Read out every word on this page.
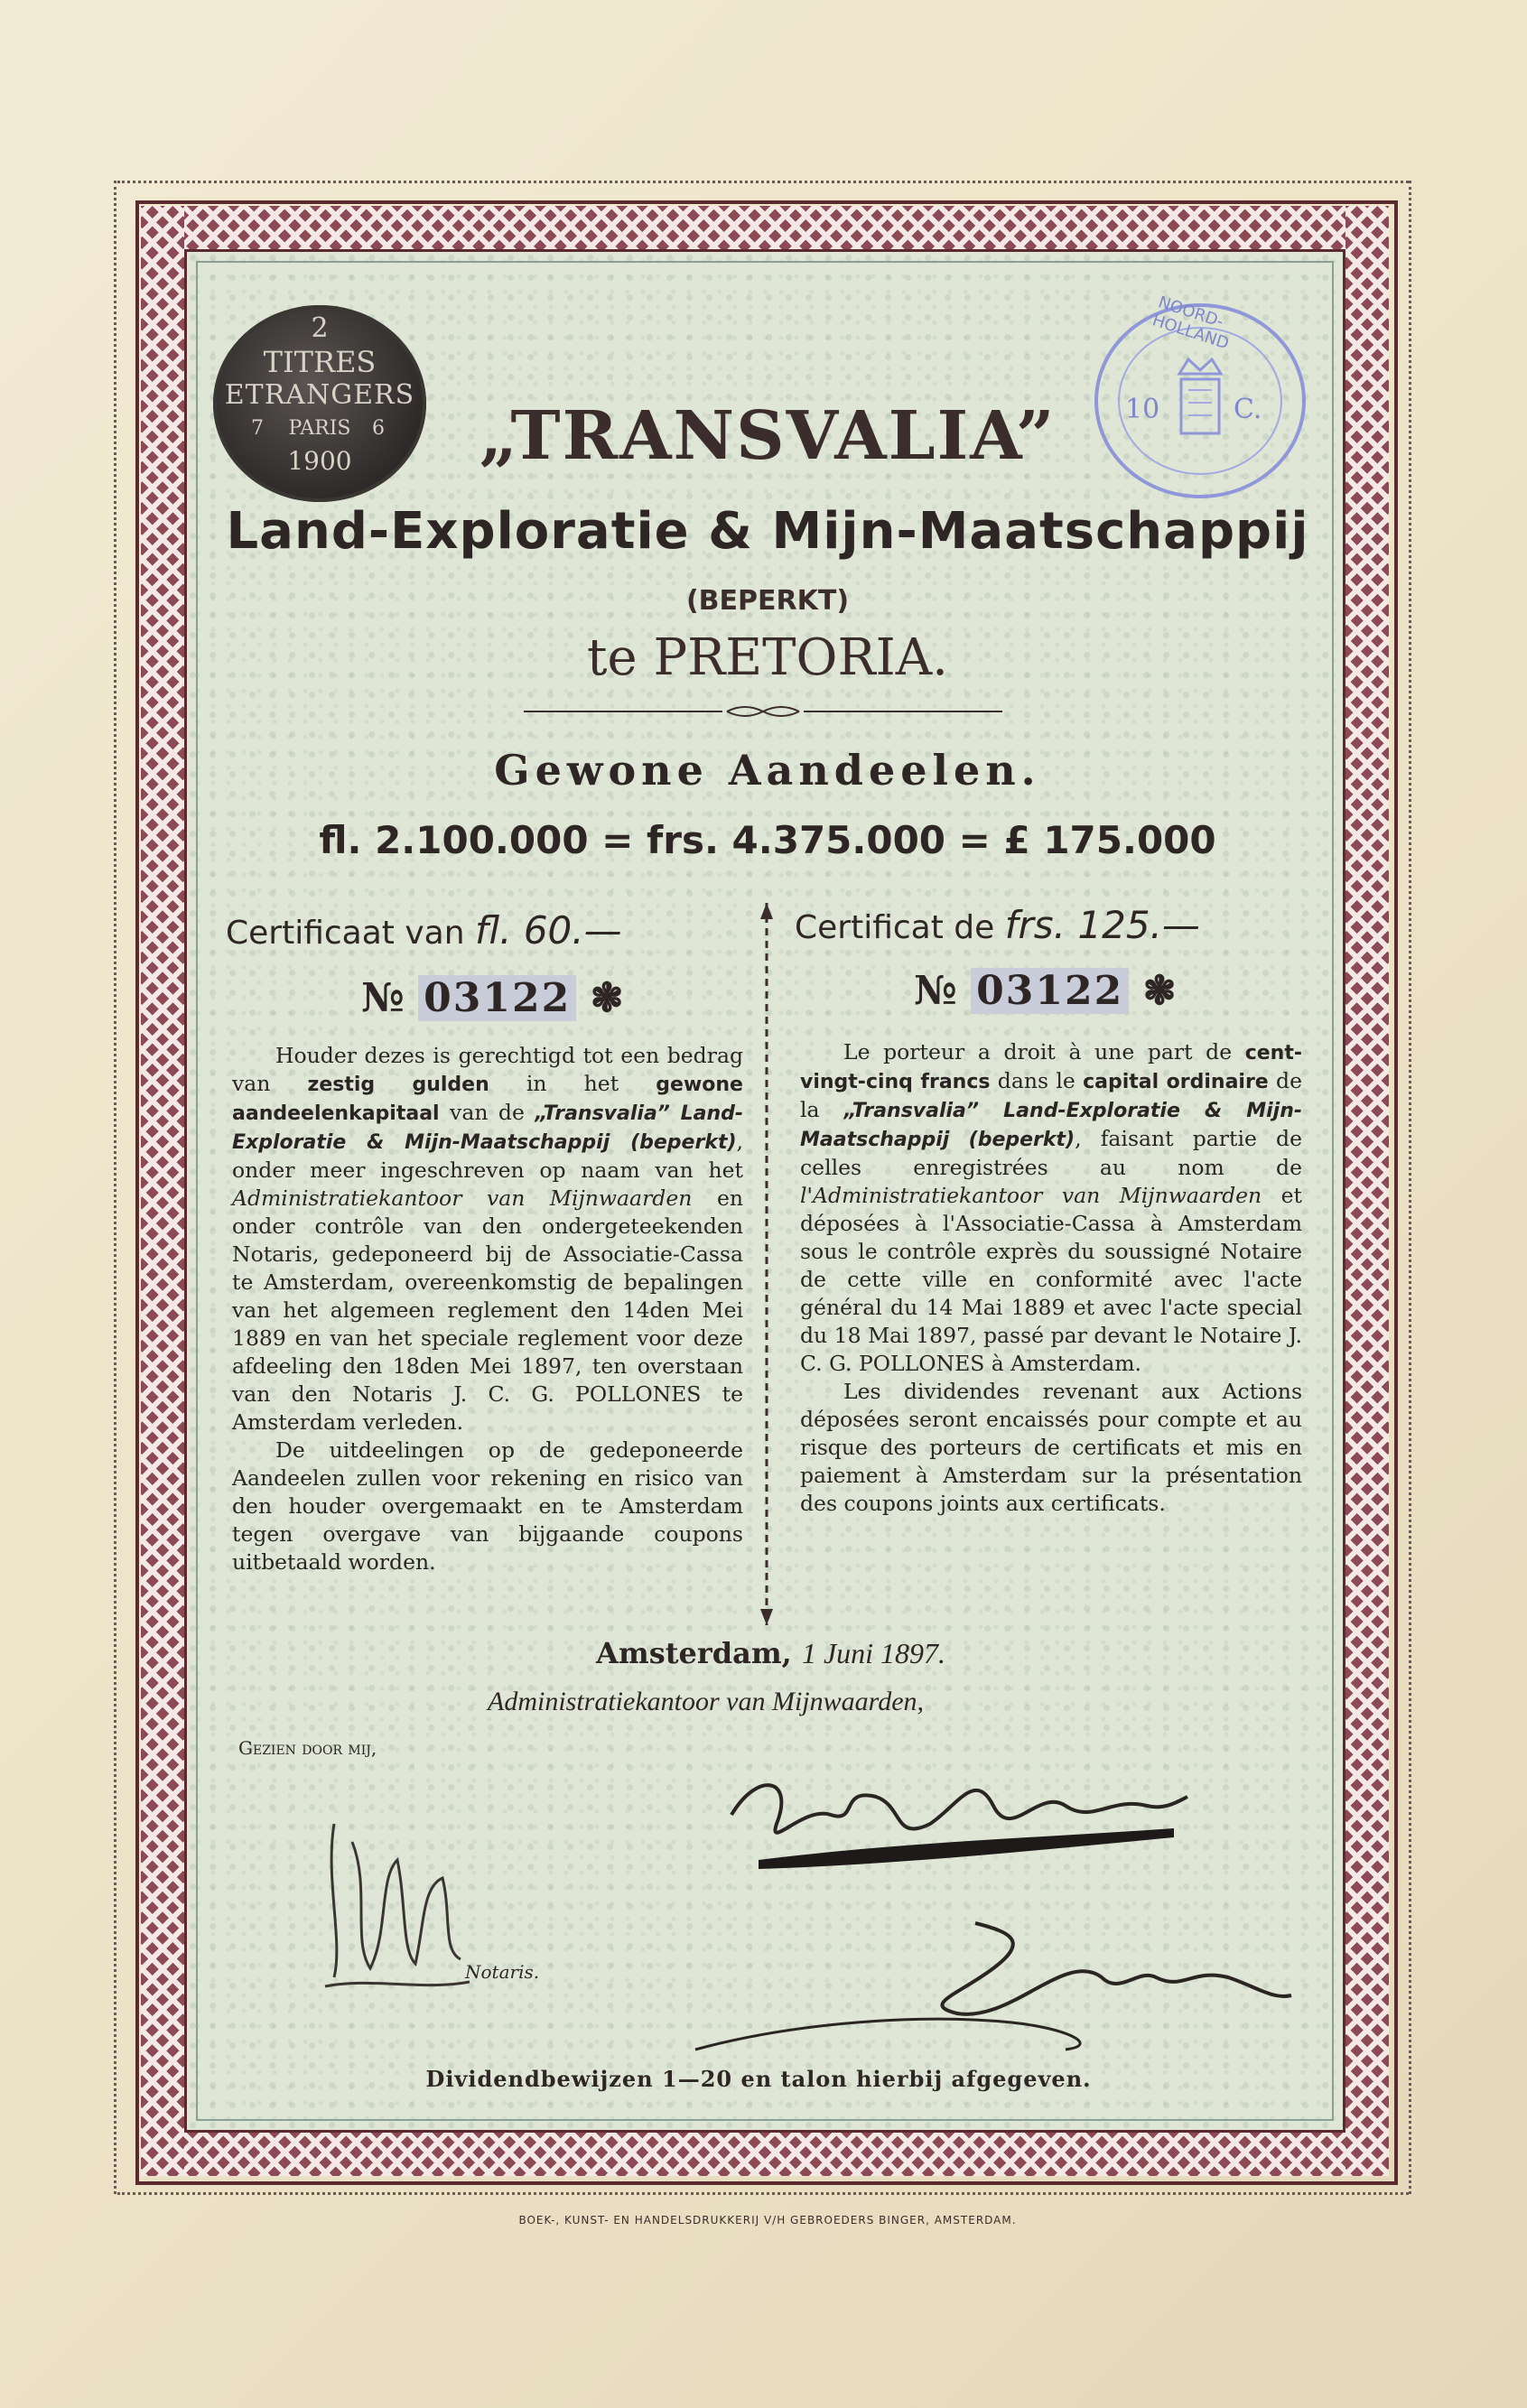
2
TITRES
ETRANGERS
PARIS
7	6
1900
NOORD-HOLLAND
10	C.
„TRANSVALIA”
Land-Exploratie & Mijn-Maatschappij
(BEPERKT)
te PRETORIA.
Gewone Aandeelen.
fl. 2.100.000 = frs. 4.375.000 = £ 175.000
Certificaat van fl. 60.—	Certificat de frs. 125.—
№ 03122 ❃	№ 03122 ❃

Houder dezes is gerechtigd tot een bedrag van zestig gulden in het gewone aandeelenkapitaal van de „Transvalia” Land-Exploratie & Mijn-Maatschappij (beperkt), onder meer ingeschreven op naam van het Administratiekantoor van Mijnwaarden en onder contrôle van den ondergeteekenden Notaris, gedeponeerd bij de Associatie-Cassa te Amsterdam, overeenkomstig de bepalingen van het algemeen reglement den 14den Mei 1889 en van het speciale reglement voor deze afdeeling den 18den Mei 1897, ten overstaan van den Notaris J. C. G. POLLONES te Amsterdam verleden.

De uitdeelingen op de gedeponeerde Aandeelen zullen voor rekening en risico van den houder overgemaakt en te Amsterdam tegen overgave van bijgaande coupons uitbetaald worden.

Le porteur a droit à une part de cent-vingt-cinq francs dans le capital ordinaire de la „Transvalia” Land-Exploratie & Mijn-Maatschappij (beperkt), faisant partie de celles enregistrées au nom de l'Administratiekantoor van Mijnwaarden et déposées à l'Associatie-Cassa à Amsterdam sous le contrôle exprès du soussigné Notaire de cette ville en conformité avec l'acte général du 14 Mai 1889 et avec l'acte special du 18 Mai 1897, passé par devant le Notaire J. C. G. POLLONES à Amsterdam.

Les dividendes revenant aux Actions déposées seront encaissés pour compte et au risque des porteurs de certificats et mis en paiement à Amsterdam sur la présentation des coupons joints aux certificats.

Amsterdam, 1 Juni 1897.
Administratiekantoor van Mijnwaarden,
Gezien door mij,
Notaris.
Dividendbewijzen 1—20 en talon hierbij afgegeven.
BOEK-, KUNST- EN HANDELSDRUKKERIJ V/H GEBROEDERS BINGER, AMSTERDAM.
